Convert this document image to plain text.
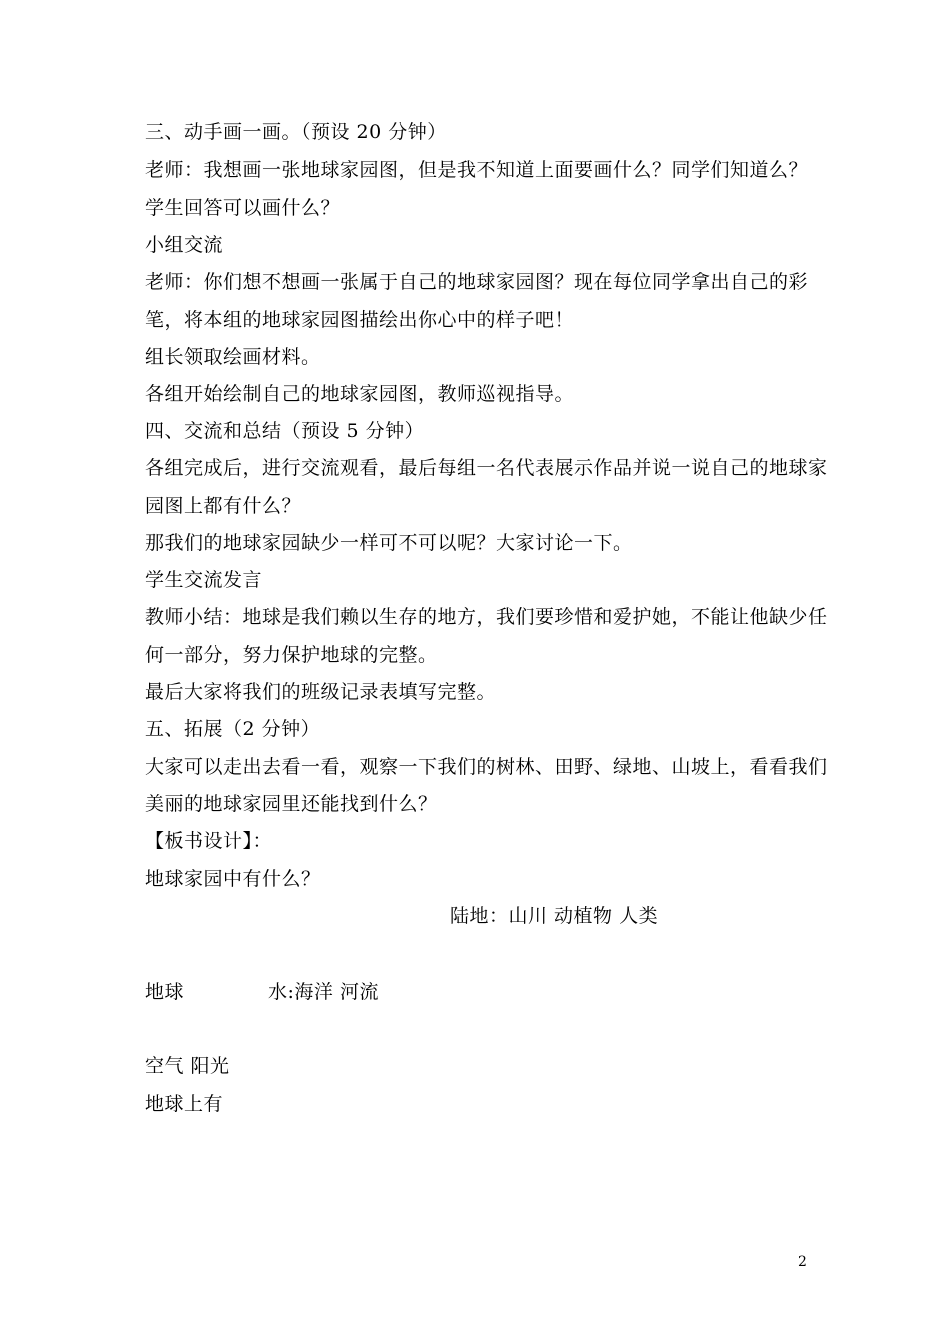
三、动手画一画。（预设 20 分钟）
老师：我想画一张地球家园图，但是我不知道上面要画什么？同学们知道么？
学生回答可以画什么？
小组交流
老师：你们想不想画一张属于自己的地球家园图？现在每位同学拿出自己的彩
笔，将本组的地球家园图描绘出你心中的样子吧！
组长领取绘画材料。
各组开始绘制自己的地球家园图，教师巡视指导。
四、交流和总结（预设 5 分钟）
各组完成后，进行交流观看，最后每组一名代表展示作品并说一说自己的地球家
园图上都有什么？
那我们的地球家园缺少一样可不可以呢？大家讨论一下。
学生交流发言
教师小结：地球是我们赖以生存的地方，我们要珍惜和爱护她，不能让他缺少任
何一部分，努力保护地球的完整。
最后大家将我们的班级记录表填写完整。
五、拓展（2 分钟）
大家可以走出去看一看，观察一下我们的树林、田野、绿地、山坡上，看看我们
美丽的地球家园里还能找到什么？
【板书设计】：
地球家园中有什么？
陆地：山川 动植物 人类
地球	水:海洋 河流
空气 阳光
地球上有
2
